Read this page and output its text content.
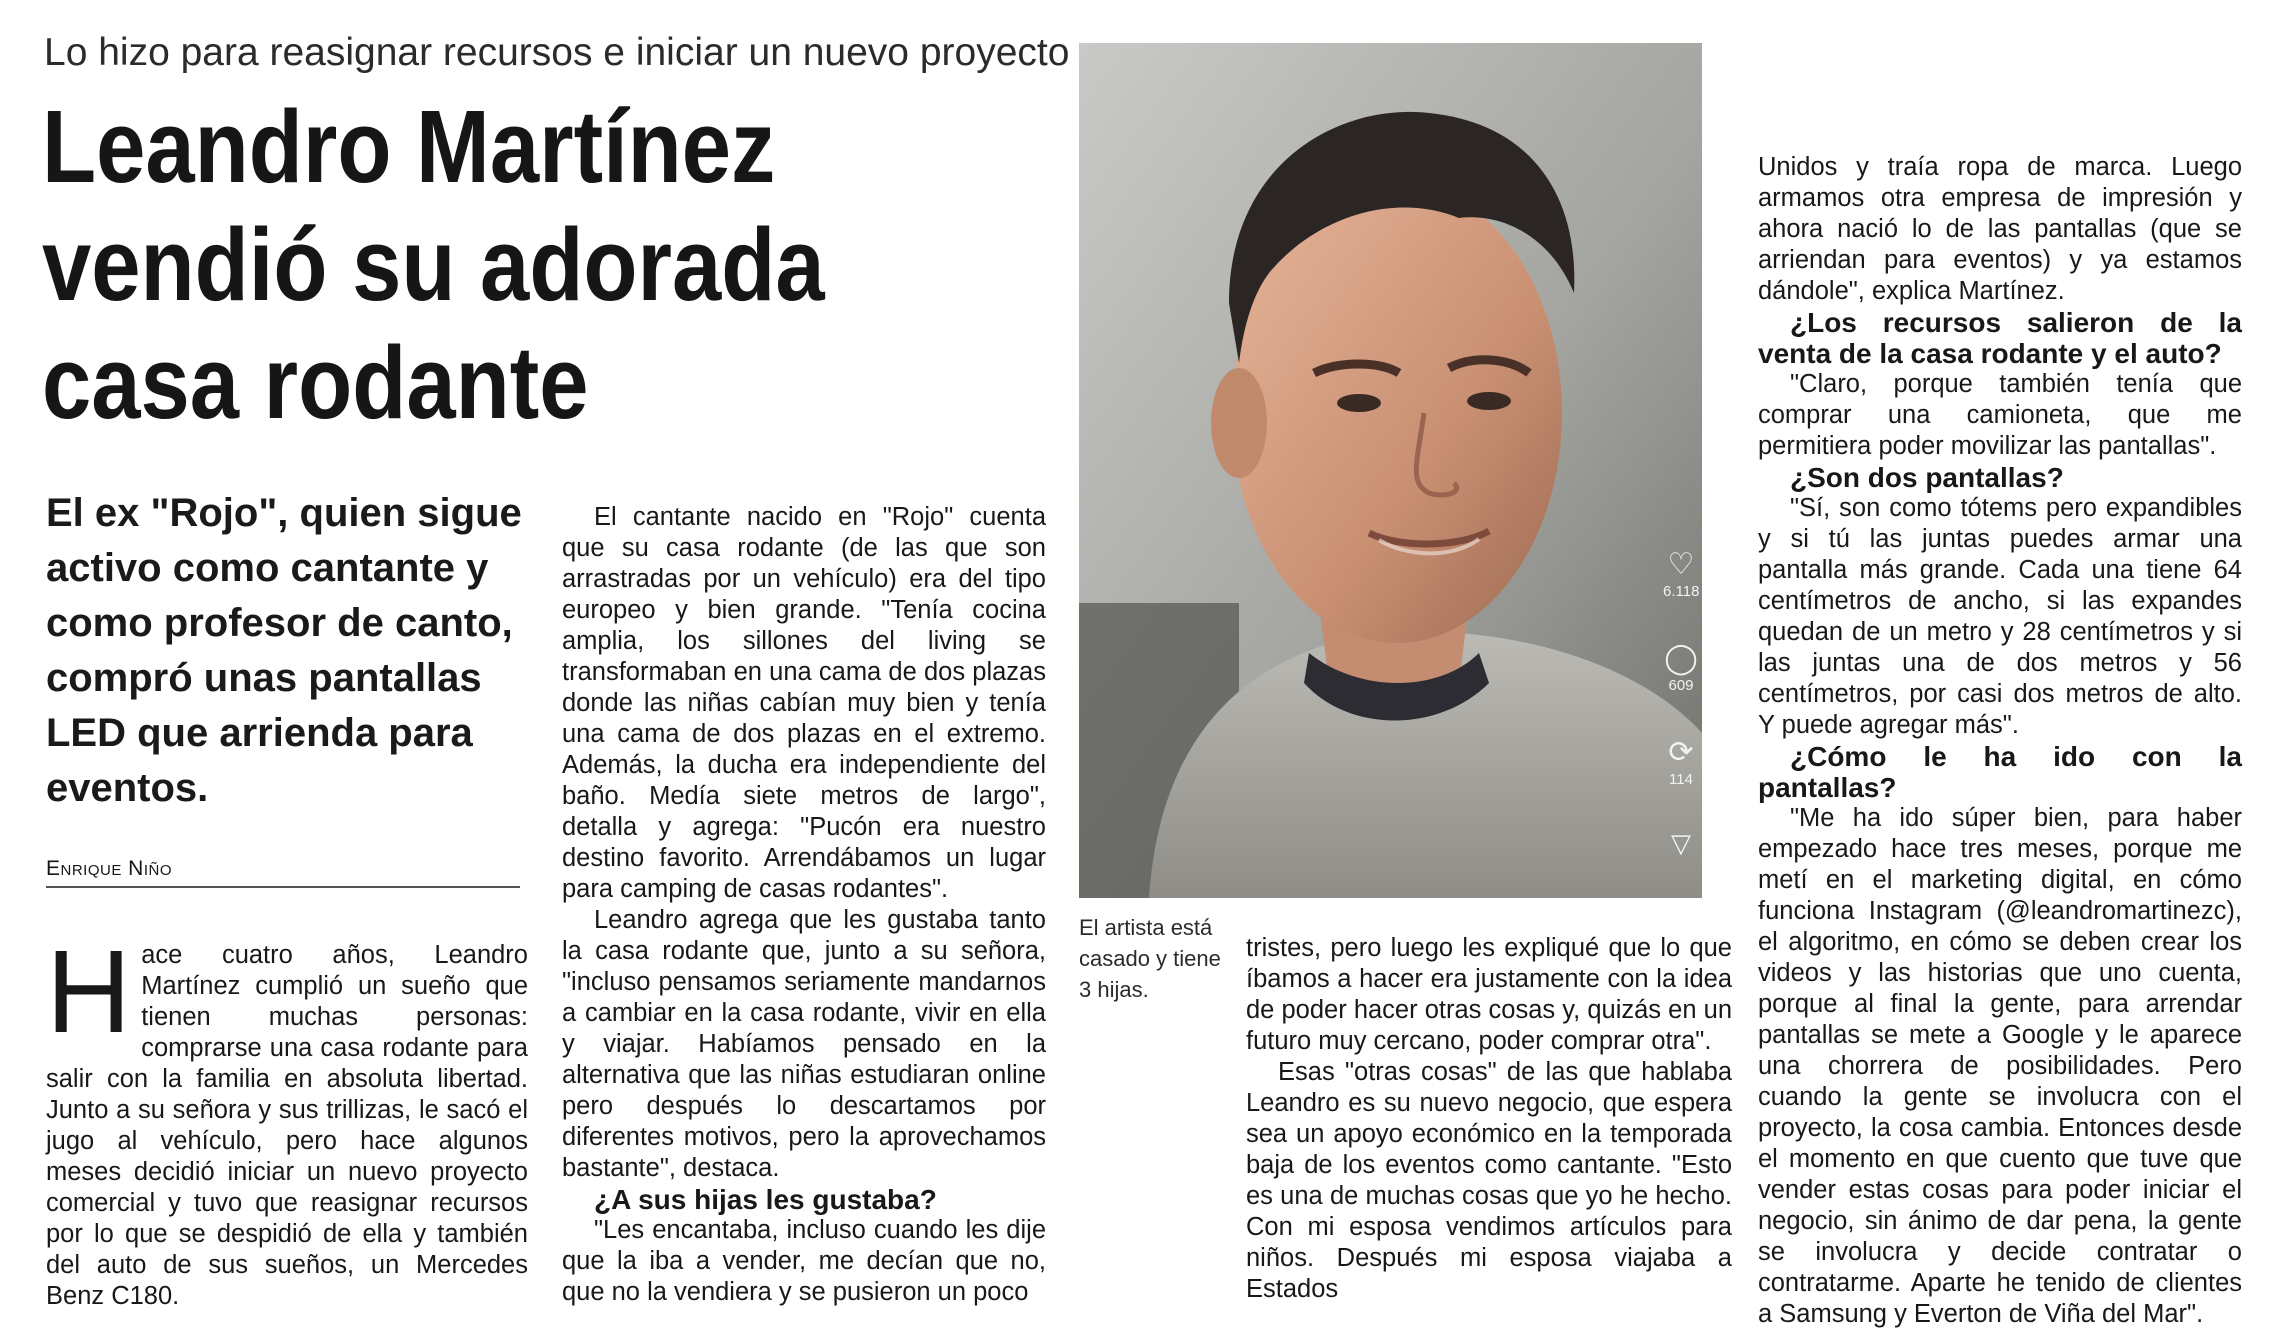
Lo hizo para reasignar recursos e iniciar un nuevo proyecto
Leandro Martínez
vendió su adorada
casa rodante
El ex "Rojo", quien sigue activo como cantante y como profesor de canto, compró unas pantallas LED que arrienda para eventos.
Enrique Niño
H ace cuatro años, Leandro Martínez cumplió un sueño que tienen muchas personas: comprarse una casa rodante para salir con la familia en absoluta libertad. Junto a su señora y sus trillizas, le sacó el jugo al vehículo, pero hace algunos meses decidió iniciar un nuevo proyecto comercial y tuvo que reasignar recursos por lo que se despidió de ella y también del auto de sus sueños, un Mercedes Benz C180.

El cantante nacido en "Rojo" cuenta que su casa rodante (de las que son arrastradas por un vehículo) era del tipo europeo y bien grande. "Tenía cocina amplia, los sillones del living se transformaban en una cama de dos plazas donde las niñas cabían muy bien y tenía una cama de dos plazas en el extremo. Además, la ducha era independiente del baño. Medía siete metros de largo", detalla y agrega: "Pucón era nuestro destino favorito. Arrendábamos un lugar para camping de casas rodantes".

Leandro agrega que les gustaba tanto la casa rodante que, junto a su señora, "incluso pensamos seriamente mandarnos a cambiar en la casa rodante, vivir en ella y viajar. Habíamos pensado en la alternativa que las niñas estudiaran online pero después lo descartamos por diferentes motivos, pero la aprovechamos bastante", destaca.

¿A sus hijas les gustaba?

"Les encantaba, incluso cuando les dije que la iba a vender, me decían que no, que no la vendiera y se pusieron un poco

♡
6.118
◯
609
⟳
114
▽
El artista está casado y tiene 3 hijas.

tristes, pero luego les expliqué que lo que íbamos a hacer era justamente con la idea de poder hacer otras cosas y, quizás en un futuro muy cercano, poder comprar otra".

Esas "otras cosas" de las que hablaba Leandro es su nuevo negocio, que espera sea un apoyo económico en la temporada baja de los eventos como cantante. "Esto es una de muchas cosas que yo he hecho. Con mi esposa vendimos artículos para niños. Después mi esposa viajaba a Estados

Unidos y traía ropa de marca. Luego armamos otra empresa de impresión y ahora nació lo de las pantallas (que se arriendan para eventos) y ya estamos dándole", explica Martínez.

¿Los recursos salieron de la venta de la casa rodante y el auto?

"Claro, porque también tenía que comprar una camioneta, que me permitiera poder movilizar las pantallas".

¿Son dos pantallas?

"Sí, son como tótems pero expandibles y si tú las juntas puedes armar una pantalla más grande. Cada una tiene 64 centímetros de ancho, si las expandes quedan de un metro y 28 centímetros y si las juntas una de dos metros y 56 centímetros, por casi dos metros de alto. Y puede agregar más".

¿Cómo le ha ido con la pantallas?

"Me ha ido súper bien, para haber empezado hace tres meses, porque me metí en el marketing digital, en cómo funciona Instagram (@leandromartinezc), el algoritmo, en cómo se deben crear los videos y las historias que uno cuenta, porque al final la gente, para arrendar pantallas se mete a Google y le aparece una chorrera de posibilidades. Pero cuando la gente se involucra con el proyecto, la cosa cambia. Entonces desde el momento en que cuento que tuve que vender estas cosas para poder iniciar el negocio, sin ánimo de dar pena, la gente se involucra y decide contratar o contratarme. Aparte he tenido de clientes a Samsung y Everton de Viña del Mar".
